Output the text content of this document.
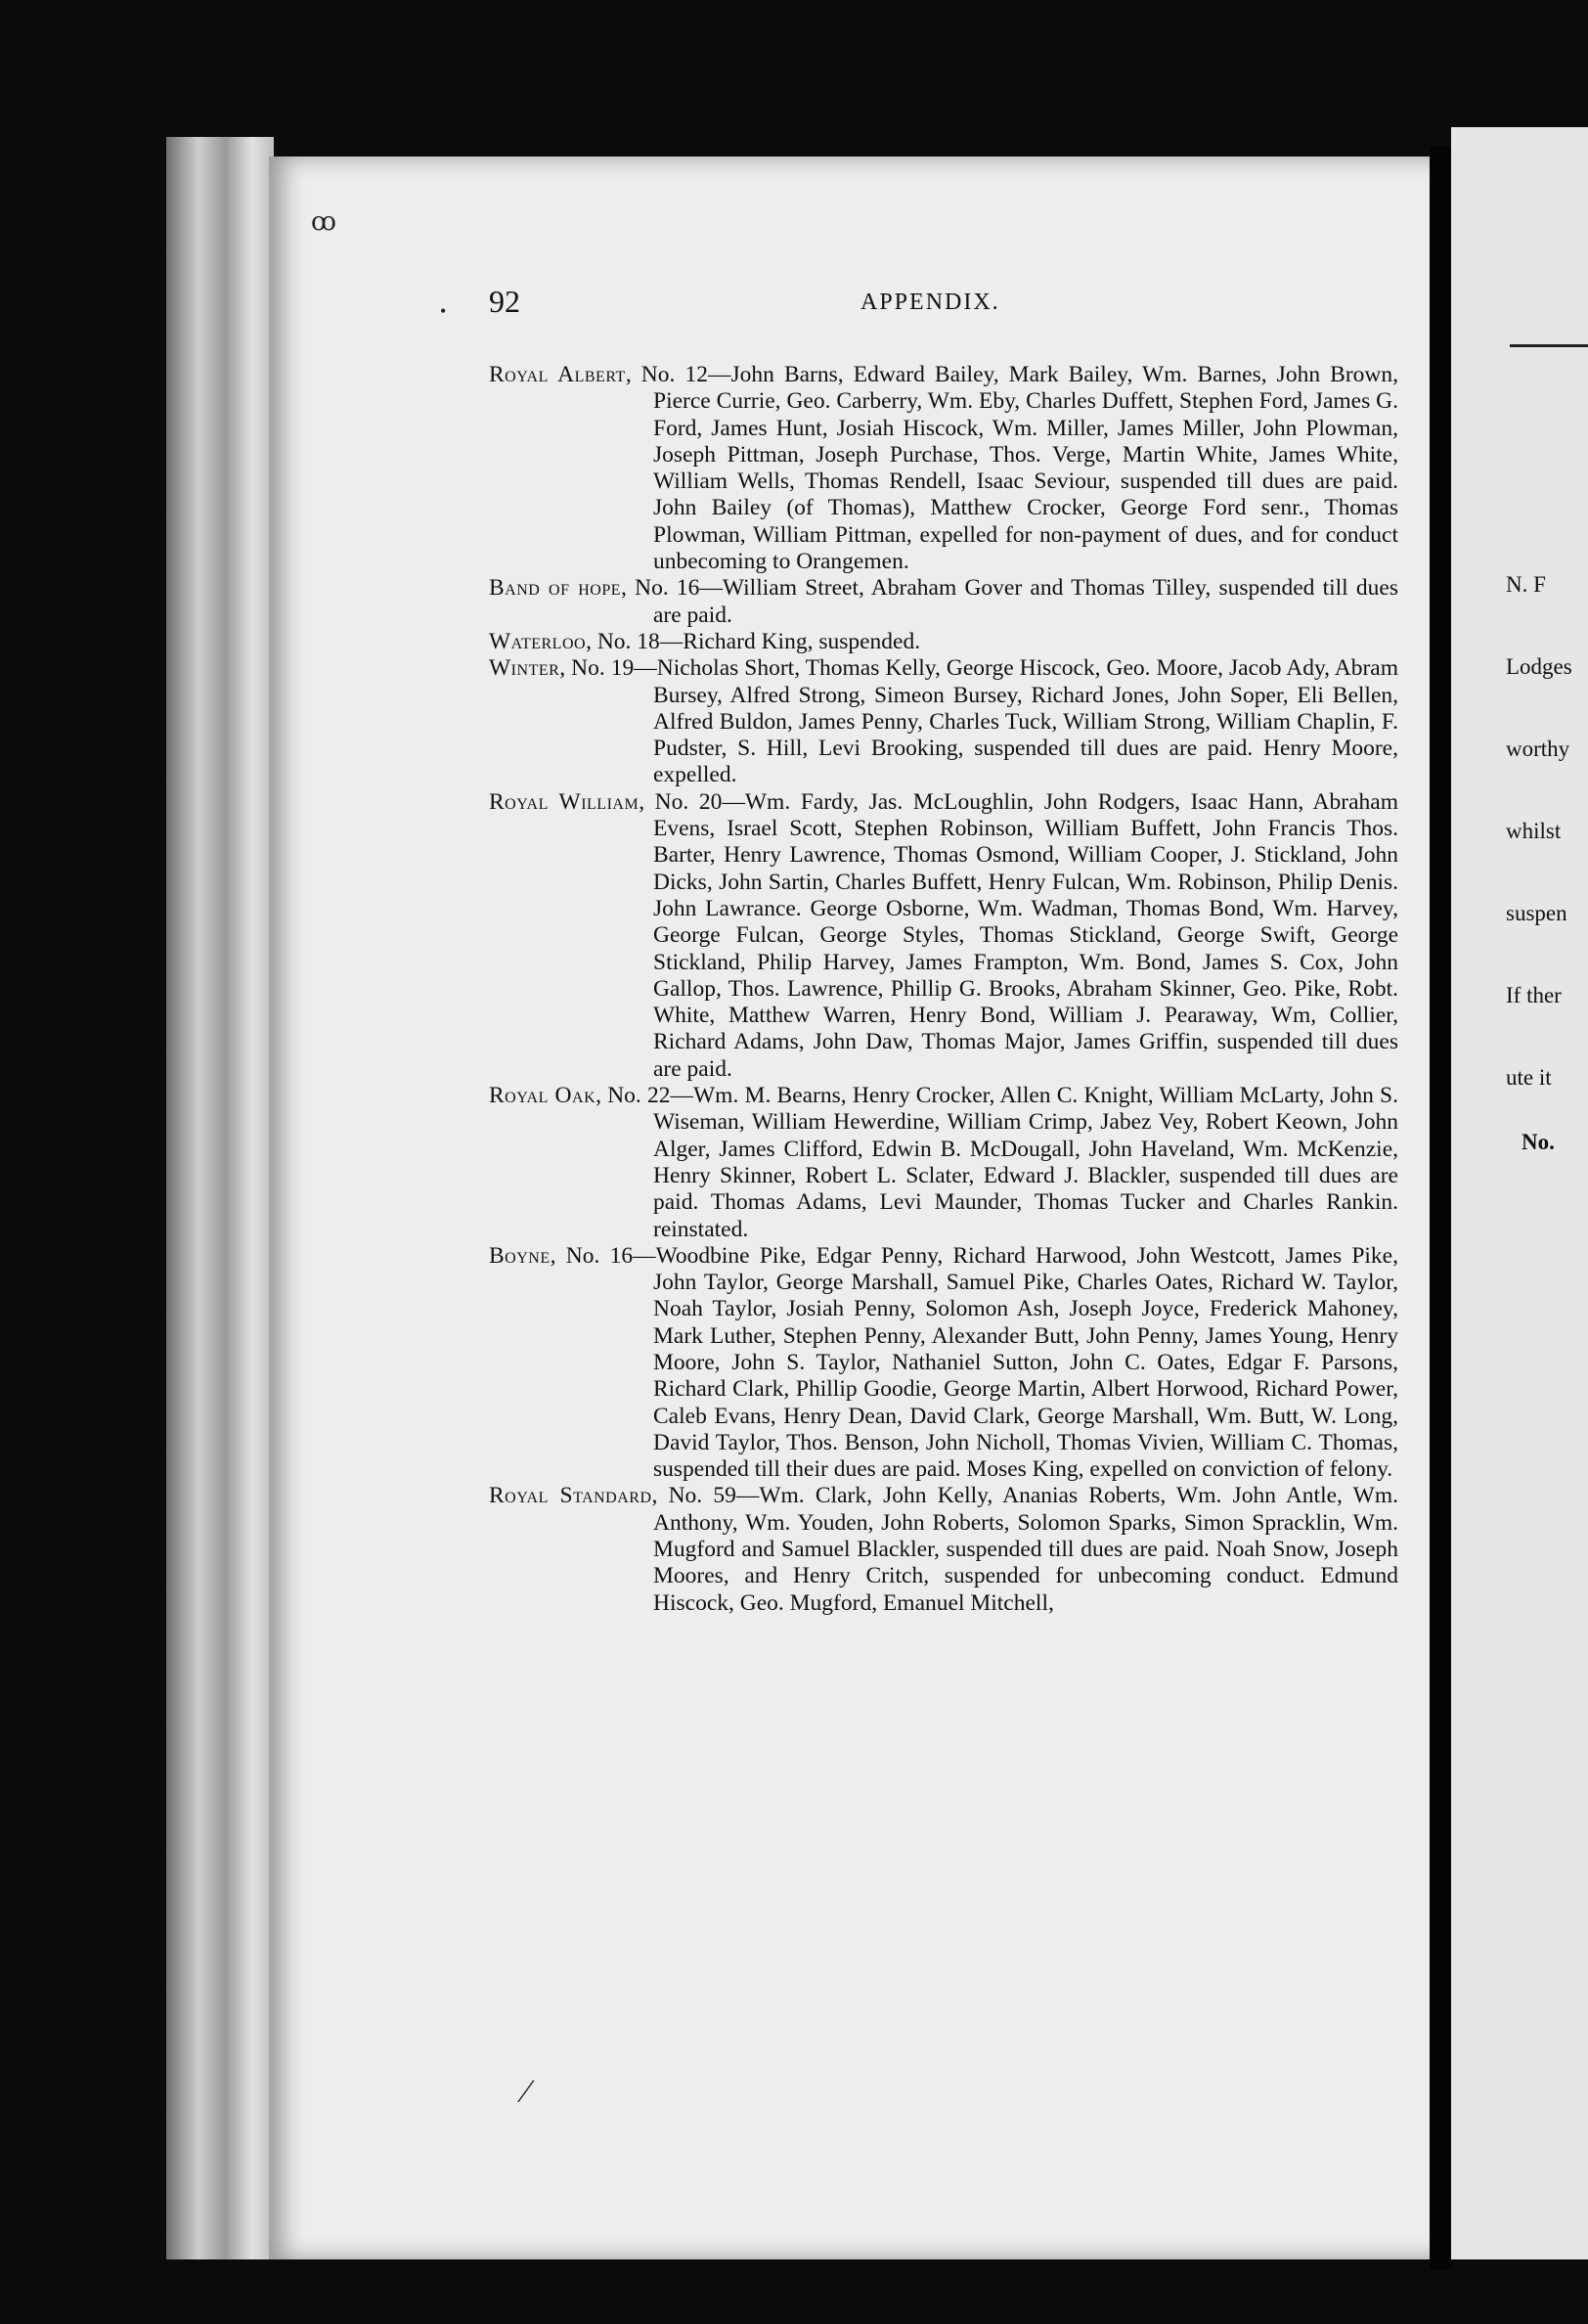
ꝏ
•
⁄
92	APPENDIX.

Royal Albert, No. 12—John Barns, Edward Bailey, Mark Bailey, Wm. Barnes, John Brown, Pierce Currie, Geo. Carberry, Wm. Eby, Charles Duffett, Stephen Ford, James G. Ford, James Hunt, Josiah Hiscock, Wm. Miller, James Miller, John Plowman, Joseph Pittman, Joseph Purchase, Thos. Verge, Martin White, James White, William Wells, Thomas Rendell, Isaac Seviour, suspended till dues are paid. John Bailey (of Thomas), Matthew Crocker, George Ford senr., Thomas Plowman, William Pittman, expelled for non-payment of dues, and for conduct unbecoming to Orangemen.

Band of hope, No. 16—William Street, Abraham Gover and Thomas Tilley, suspended till dues are paid.

Waterloo, No. 18—Richard King, suspended.

Winter, No. 19—Nicholas Short, Thomas Kelly, George Hiscock, Geo. Moore, Jacob Ady, Abram Bursey, Alfred Strong, Simeon Bursey, Richard Jones, John Soper, Eli Bellen, Alfred Buldon, James Penny, Charles Tuck, William Strong, William Chaplin, F. Pudster, S. Hill, Levi Brooking, suspended till dues are paid. Henry Moore, expelled.

Royal William, No. 20—Wm. Fardy, Jas. McLoughlin, John Rodgers, Isaac Hann, Abraham Evens, Israel Scott, Stephen Robinson, William Buffett, John Francis Thos. Barter, Henry Lawrence, Thomas Osmond, William Cooper, J. Stickland, John Dicks, John Sartin, Charles Buffett, Henry Fulcan, Wm. Robinson, Philip Denis. John Lawrance. George Osborne, Wm. Wadman, Thomas Bond, Wm. Harvey, George Fulcan, George Styles, Thomas Stickland, George Swift, George Stickland, Philip Harvey, James Frampton, Wm. Bond, James S. Cox, John Gallop, Thos. Lawrence, Phillip G. Brooks, Abraham Skinner, Geo. Pike, Robt. White, Matthew Warren, Henry Bond, William J. Pearaway, Wm, Collier, Richard Adams, John Daw, Thomas Major, James Griffin, suspended till dues are paid.

Royal Oak, No. 22—Wm. M. Bearns, Henry Crocker, Allen C. Knight, William McLarty, John S. Wiseman, William Hewerdine, William Crimp, Jabez Vey, Robert Keown, John Alger, James Clifford, Edwin B. McDougall, John Haveland, Wm. McKenzie, Henry Skinner, Robert L. Sclater, Edward J. Blackler, suspended till dues are paid. Thomas Adams, Levi Maunder, Thomas Tucker and Charles Rankin. reinstated.

Boyne, No. 16—Woodbine Pike, Edgar Penny, Richard Harwood, John Westcott, James Pike, John Taylor, George Marshall, Samuel Pike, Charles Oates, Richard W. Taylor, Noah Taylor, Josiah Penny, Solomon Ash, Joseph Joyce, Frederick Mahoney, Mark Luther, Stephen Penny, Alexander Butt, John Penny, James Young, Henry Moore, John S. Taylor, Nathaniel Sutton, John C. Oates, Edgar F. Parsons, Richard Clark, Phillip Goodie, George Martin, Albert Horwood, Richard Power, Caleb Evans, Henry Dean, David Clark, George Marshall, Wm. Butt, W. Long, David Taylor, Thos. Benson, John Nicholl, Thomas Vivien, William C. Thomas, suspended till their dues are paid. Moses King, expelled on conviction of felony.

Royal Standard, No. 59—Wm. Clark, John Kelly, Ananias Roberts, Wm. John Antle, Wm. Anthony, Wm. Youden, John Roberts, Solomon Sparks, Simon Spracklin, Wm. Mugford and Samuel Blackler, suspended till dues are paid. Noah Snow, Joseph Moores, and Henry Critch, suspended for unbecoming conduct. Edmund Hiscock, Geo. Mugford, Emanuel Mitchell,

N. F

Lodges

worthy

whilst

suspen

If ther

ute it

No.
